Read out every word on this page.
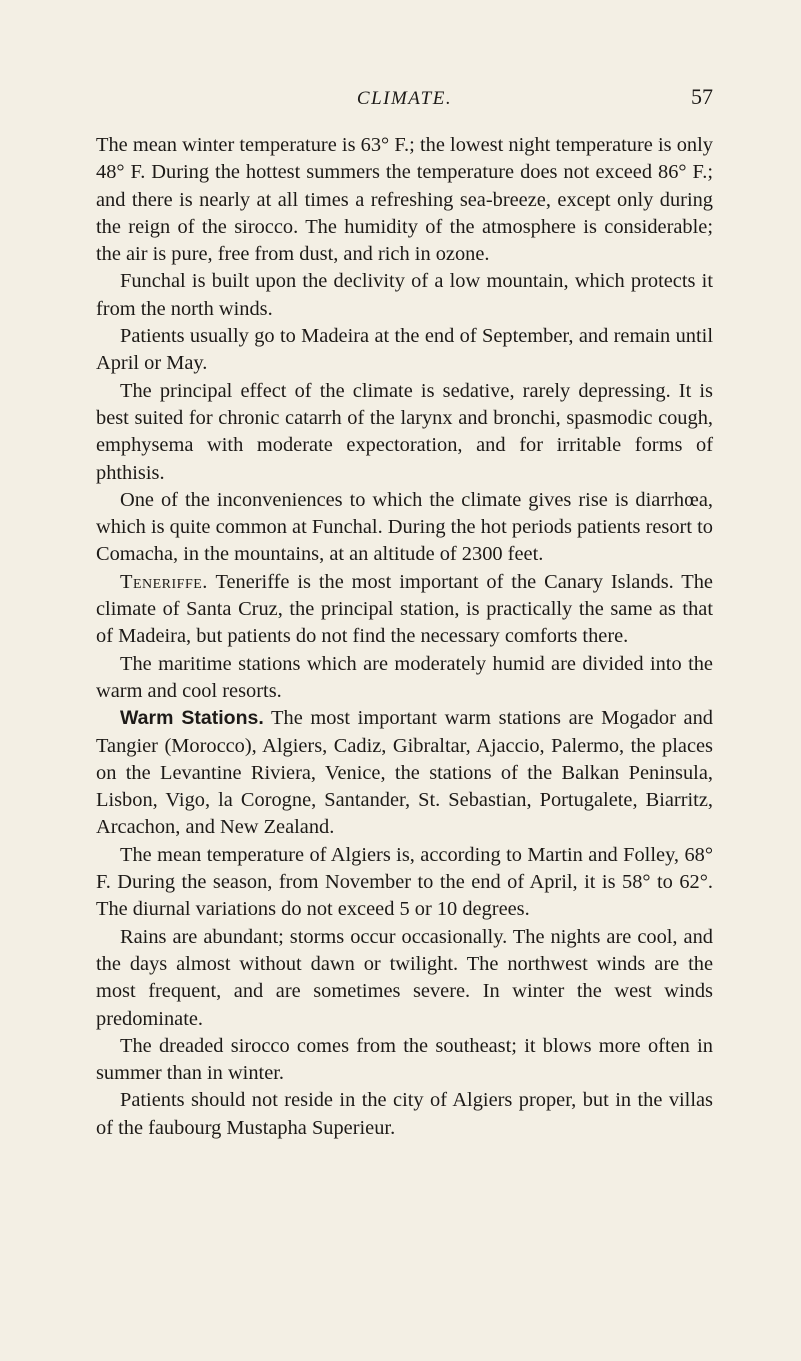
CLIMATE.	57

The mean winter temperature is 63° F.; the lowest night temperature is only 48° F. During the hottest summers the temperature does not exceed 86° F.; and there is nearly at all times a refreshing sea-breeze, except only during the reign of the sirocco. The humidity of the atmosphere is considerable; the air is pure, free from dust, and rich in ozone.

Funchal is built upon the declivity of a low mountain, which protects it from the north winds.

Patients usually go to Madeira at the end of September, and remain until April or May.

The principal effect of the climate is sedative, rarely depressing. It is best suited for chronic catarrh of the larynx and bronchi, spasmodic cough, emphysema with moderate expectoration, and for irritable forms of phthisis.

One of the inconveniences to which the climate gives rise is diarrhœa, which is quite common at Funchal. During the hot periods patients resort to Comacha, in the mountains, at an altitude of 2300 feet.

Teneriffe. Teneriffe is the most important of the Canary Islands. The climate of Santa Cruz, the principal station, is practically the same as that of Madeira, but patients do not find the necessary comforts there.

The maritime stations which are moderately humid are divided into the warm and cool resorts.

Warm Stations. The most important warm stations are Mogador and Tangier (Morocco), Algiers, Cadiz, Gibraltar, Ajaccio, Palermo, the places on the Levantine Riviera, Venice, the stations of the Balkan Peninsula, Lisbon, Vigo, la Corogne, Santander, St. Sebastian, Portugalete, Biarritz, Arcachon, and New Zealand.

The mean temperature of Algiers is, according to Martin and Folley, 68° F. During the season, from November to the end of April, it is 58° to 62°. The diurnal variations do not exceed 5 or 10 degrees.

Rains are abundant; storms occur occasionally. The nights are cool, and the days almost without dawn or twilight. The northwest winds are the most frequent, and are sometimes severe. In winter the west winds predominate.

The dreaded sirocco comes from the southeast; it blows more often in summer than in winter.

Patients should not reside in the city of Algiers proper, but in the villas of the faubourg Mustapha Superieur.
